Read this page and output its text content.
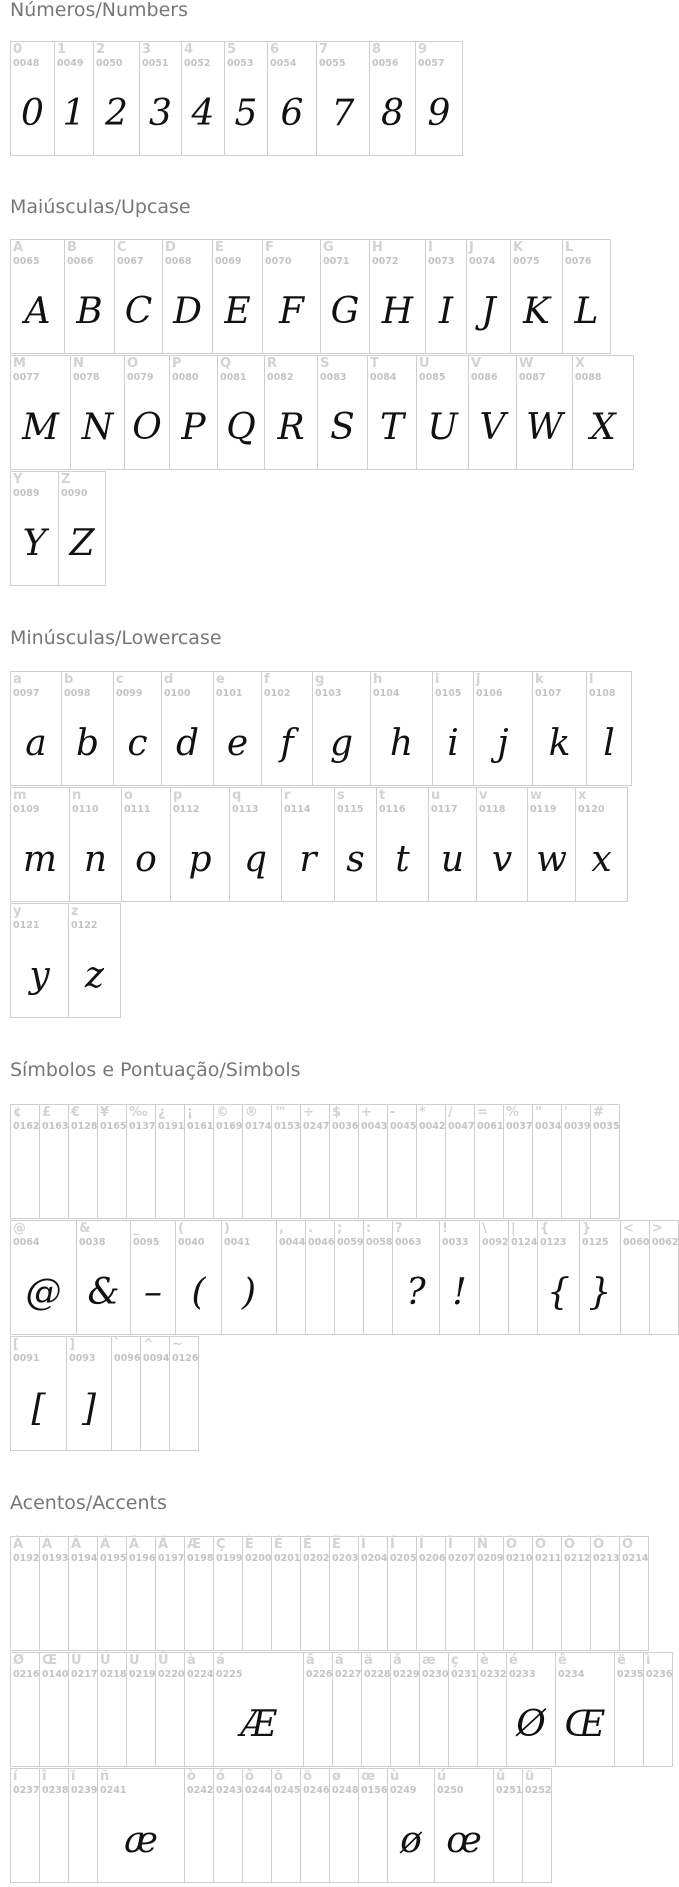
Números/Numbers
Maiúsculas/Upcase
Minúsculas/Lowercase
Símbolos e Pontuação/Simbols
Acentos/Accents
0
0048
0
1
0049
1
2
0050
2
3
0051
3
4
0052
4
5
0053
5
6
0054
6
7
0055
7
8
0056
8
9
0057
9
A
0065
A
B
0066
B
C
0067
C
D
0068
D
E
0069
E
F
0070
F
G
0071
G
H
0072
H
I
0073
I
J
0074
J
K
0075
K
L
0076
L
M
0077
M
N
0078
N
O
0079
O
P
0080
P
Q
0081
Q
R
0082
R
S
0083
S
T
0084
T
U
0085
U
V
0086
V
W
0087
W
X
0088
X
Y
0089
Y
Z
0090
Z
a
0097
a
b
0098
b
c
0099
c
d
0100
d
e
0101
e
f
0102
f
g
0103
g
h
0104
h
i
0105
i
j
0106
j
k
0107
k
l
0108
l
m
0109
m
n
0110
n
o
0111
o
p
0112
p
q
0113
q
r
0114
r
s
0115
s
t
0116
t
u
0117
u
v
0118
v
w
0119
w
x
0120
x
y
0121
y
z
0122
z
¢
0162
£
0163
€
0128
¥
0165
‰
0137
¿
0191
¡
0161
©
0169
®
0174
™
0153
÷
0247
$
0036
+
0043
-
0045
*
0042
/
0047
=
0061
%
0037
"
0034
'
0039
#
0035
@
0064
@
&
0038
&
_
0095
–
(
0040
(
)
0041
)
,
0044
.
0046
;
0059
:
0058
?
0063
?
!
0033
!
\
0092
|
0124
{
0123
{
}
0125
}
<
0060
>
0062
[
0091
[
]
0093
]
`
0096
^
0094
~
0126
À
0192
Á
0193
Â
0194
Ã
0195
Ä
0196
Å
0197
Æ
0198
Ç
0199
È
0200
É
0201
Ê
0202
Ë
0203
Ì
0204
Í
0205
Î
0206
Ï
0207
Ñ
0209
Ò
0210
Ó
0211
Ô
0212
Õ
0213
Ö
0214
Ø
0216
Œ
0140
Ù
0217
Ú
0218
Û
0219
Ü
0220
à
0224
á
0225
Æ
â
0226
ã
0227
ä
0228
å
0229
æ
0230
ç
0231
è
0232
é
0233
Ø
ê
0234
Œ
ë
0235
ì
0236
í
0237
î
0238
ï
0239
ñ
0241
æ
ò
0242
ó
0243
ô
0244
õ
0245
ö
0246
ø
0248
œ
0156
ù
0249
ø
ú
0250
œ
û
0251
ü
0252
